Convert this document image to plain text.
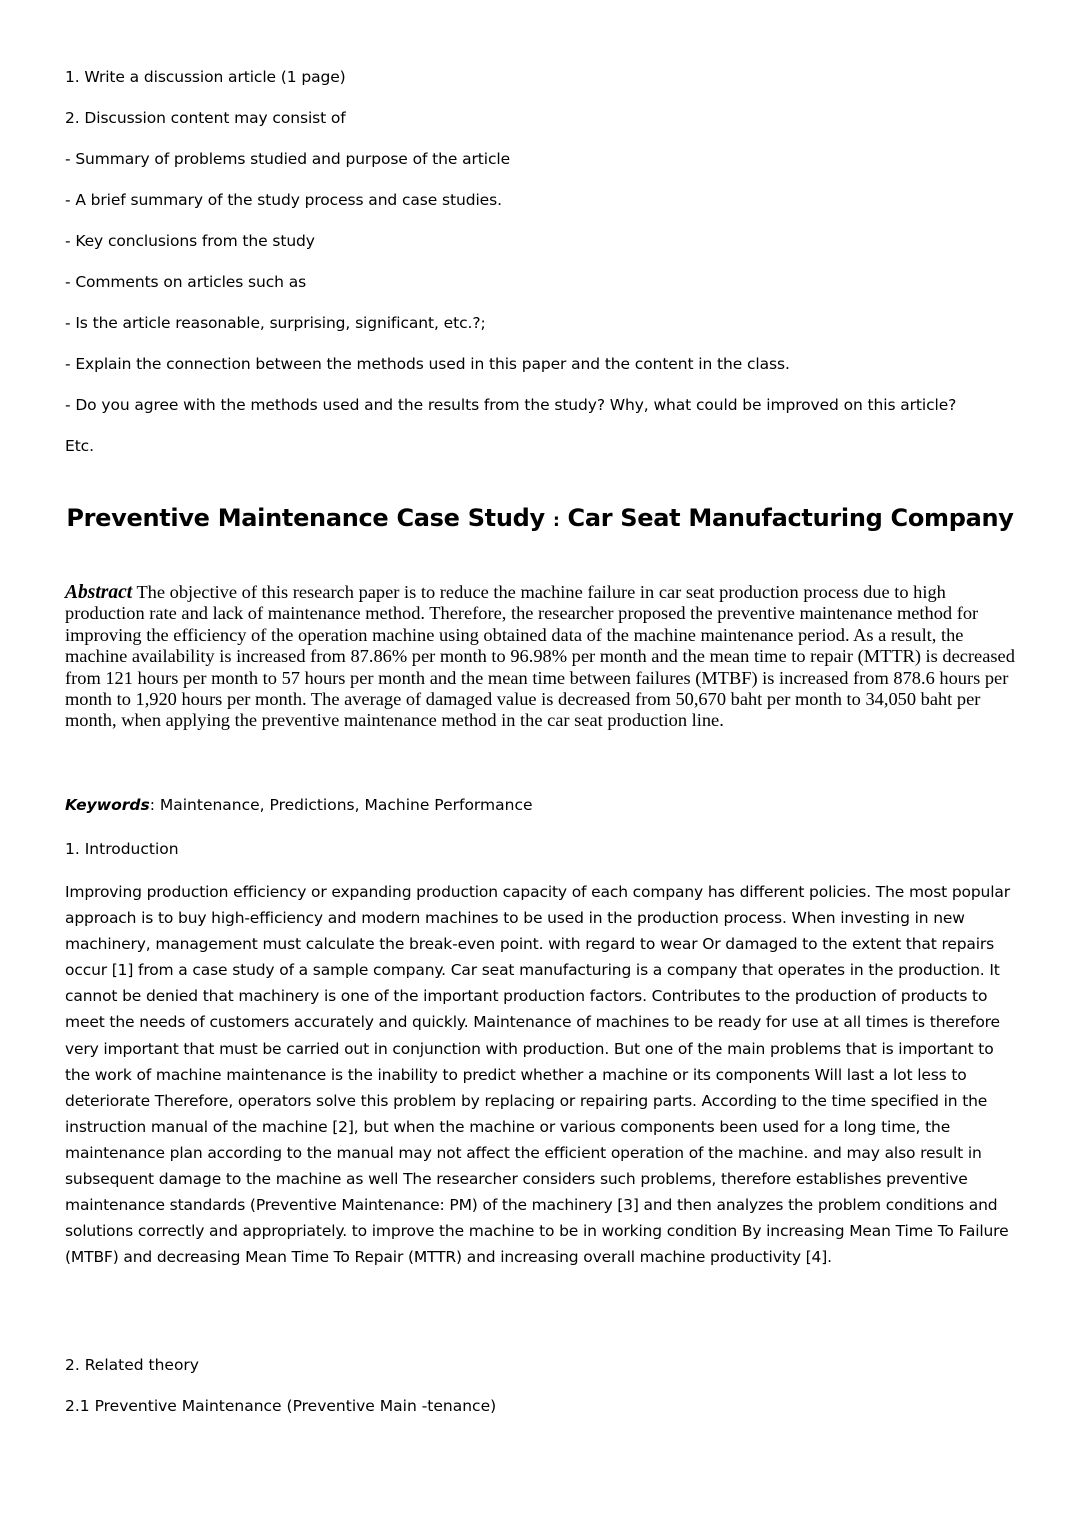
1. Write a discussion article (1 page)
2. Discussion content may consist of
- Summary of problems studied and purpose of the article
- A brief summary of the study process and case studies.
- Key conclusions from the study
- Comments on articles such as
- Is the article reasonable, surprising, significant, etc.?;
- Explain the connection between the methods used in this paper and the content in the class.
- Do you agree with the methods used and the results from the study? Why, what could be improved on this article?
Etc.
Preventive Maintenance Case Study : Car Seat Manufacturing Company

Abstract The objective of this research paper is to reduce the machine failure in car seat production process due to high production rate and lack of maintenance method. Therefore, the researcher proposed the preventive maintenance method for improving the efficiency of the operation machine using obtained data of the machine maintenance period. As a result, the machine availability is increased from 87.86% per month to 96.98% per month and the mean time to repair (MTTR) is decreased from 121 hours per month to 57 hours per month and the mean time between failures (MTBF) is increased from 878.6 hours per month to 1,920 hours per month. The average of damaged value is decreased from 50,670 baht per month to 34,050 baht per month, when applying the preventive maintenance method in the car seat production line.

Keywords: Maintenance, Predictions, Machine Performance

1. Introduction

Improving production efficiency or expanding production capacity of each company has different policies. The most popular approach is to buy high-efficiency and modern machines to be used in the production process. When investing in new machinery, management must calculate the break-even point. with regard to wear Or damaged to the extent that repairs occur [1] from a case study of a sample company. Car seat manufacturing is a company that operates in the production. It cannot be denied that machinery is one of the important production factors. Contributes to the production of products to meet the needs of customers accurately and quickly. Maintenance of machines to be ready for use at all times is therefore very important that must be carried out in conjunction with production. But one of the main problems that is important to the work of machine maintenance is the inability to predict whether a machine or its components Will last a lot less to deteriorate Therefore, operators solve this problem by replacing or repairing parts. According to the time specified in the instruction manual of the machine [2], but when the machine or various components been used for a long time, the maintenance plan according to the manual may not affect the efficient operation of the machine. and may also result in subsequent damage to the machine as well The researcher considers such problems, therefore establishes preventive maintenance standards (Preventive Maintenance: PM) of the machinery [3] and then analyzes the problem conditions and solutions correctly and appropriately. to improve the machine to be in working condition By increasing Mean Time To Failure (MTBF) and decreasing Mean Time To Repair (MTTR) and increasing overall machine productivity [4].

2. Related theory
2.1 Preventive Maintenance (Preventive Main -tenance)
